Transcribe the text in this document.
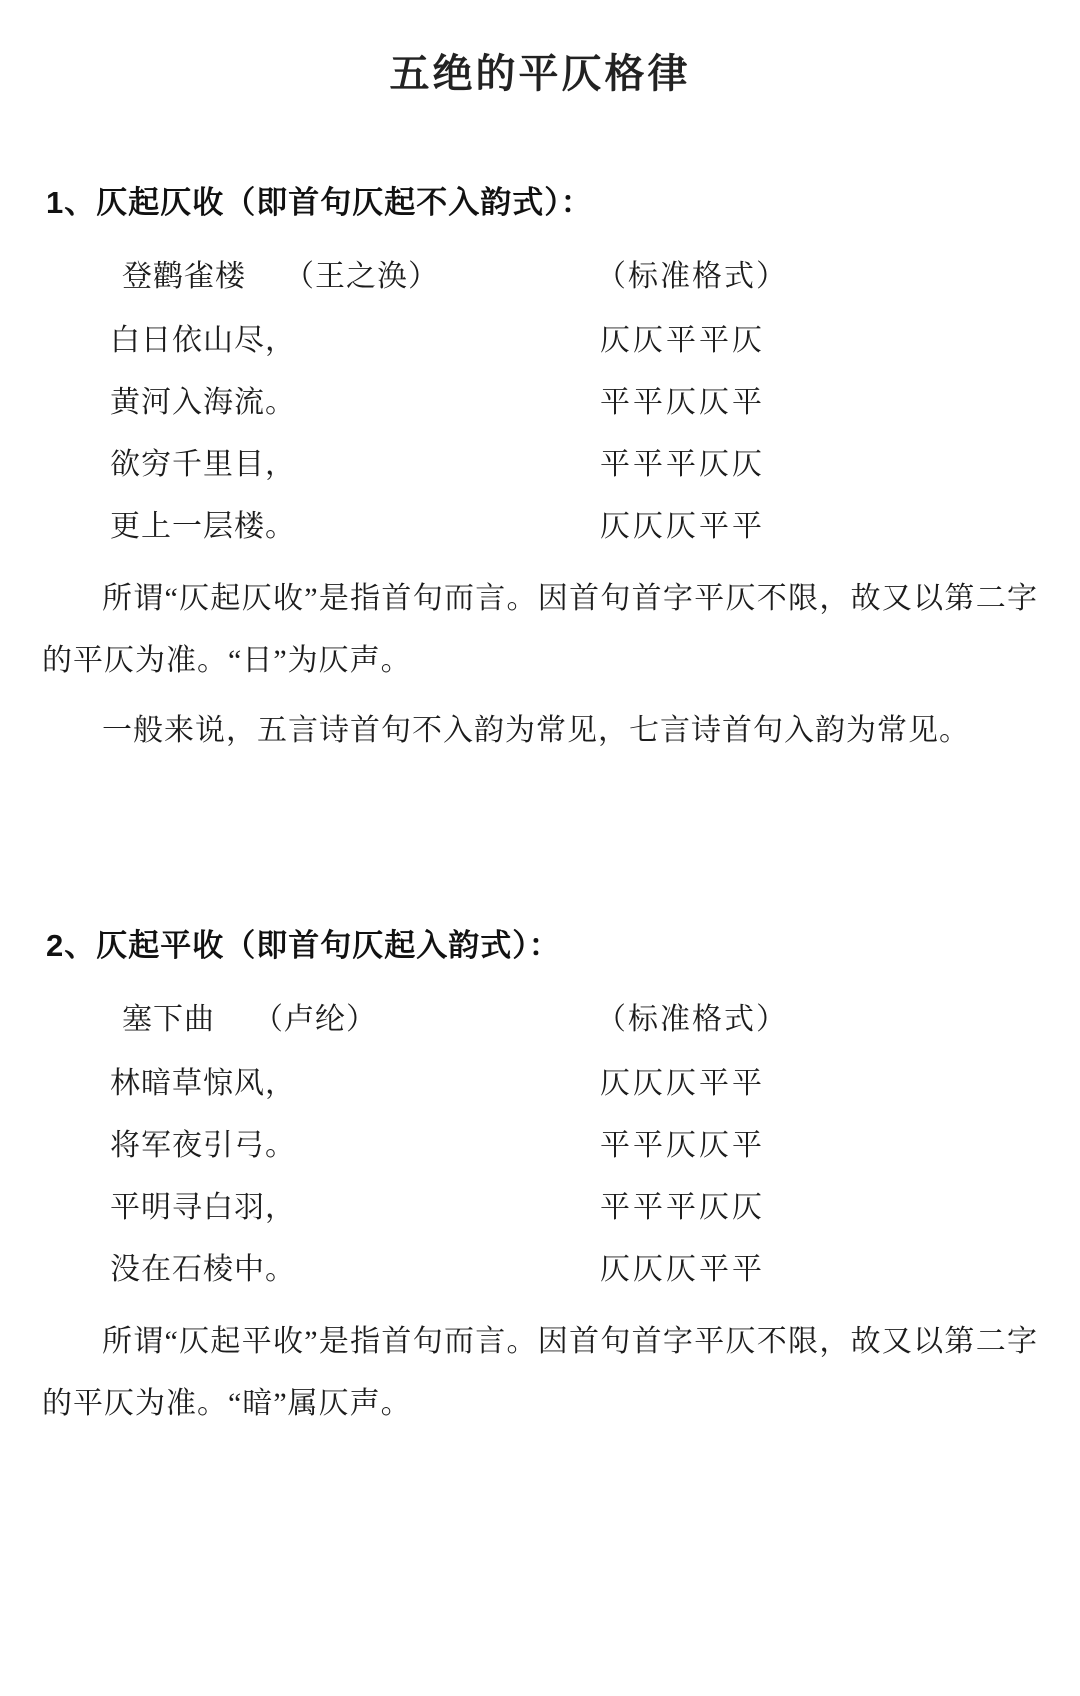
五绝的平仄格律
1、仄起仄收（即首句仄起不入韵式）：
登鹳雀楼 （王之涣）	（标准格式）
白日依山尽，	仄仄平平仄
黄河入海流。	平平仄仄平
欲穷千里目，	平平平仄仄
更上一层楼。	仄仄仄平平

所谓“仄起仄收”是指首句而言。因首句首字平仄不限，故又以第二字的平仄为准。“日”为仄声。

一般来说，五言诗首句不入韵为常见，七言诗首句入韵为常见。

2、仄起平收（即首句仄起入韵式）：
塞下曲 （卢纶）	（标准格式）
林暗草惊风，	仄仄仄平平
将军夜引弓。	平平仄仄平
平明寻白羽，	平平平仄仄
没在石棱中。	仄仄仄平平

所谓“仄起平收”是指首句而言。因首句首字平仄不限，故又以第二字的平仄为准。“暗”属仄声。
